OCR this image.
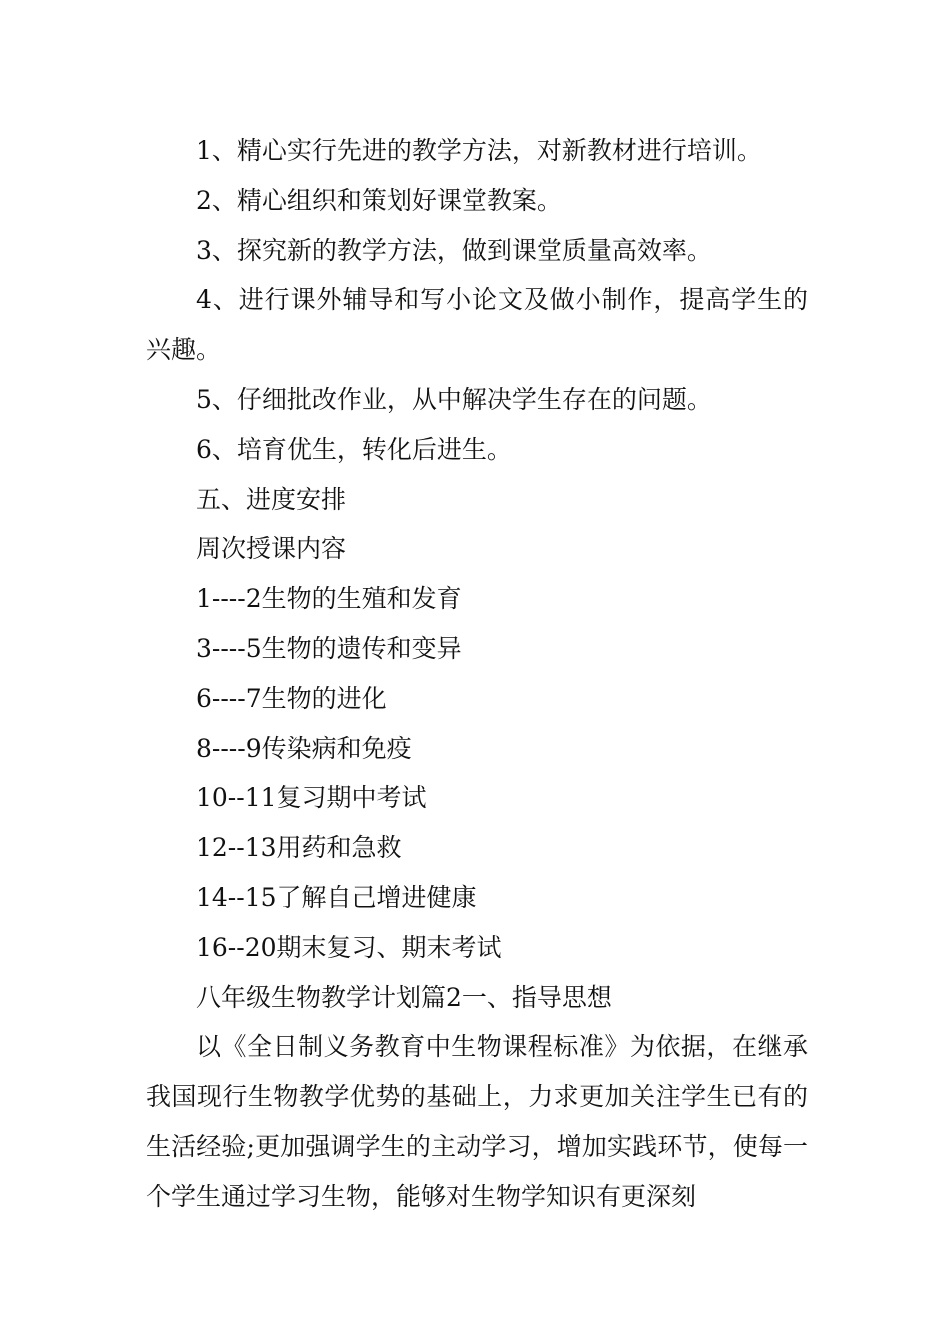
1、精心实行先进的教学方法，对新教材进行培训。

2、精心组织和策划好课堂教案。

3、探究新的教学方法，做到课堂质量高效率。

4、进行课外辅导和写小论文及做小制作，提高学生的兴趣。

5、仔细批改作业，从中解决学生存在的问题。

6、培育优生，转化后进生。

五、进度安排

周次授课内容

1----2生物的生殖和发育

3----5生物的遗传和变异

6----7生物的进化

8----9传染病和免疫

10--11复习期中考试

12--13用药和急救

14--15了解自己增进健康

16--20期末复习、期末考试

八年级生物教学计划篇2一、指导思想

以《全日制义务教育中生物课程标准》为依据，在继承我国现行生物教学优势的基础上，力求更加关注学生已有的生活经验;更加强调学生的主动学习，增加实践环节，使每一个学生通过学习生物，能够对生物学知识有更深刻
